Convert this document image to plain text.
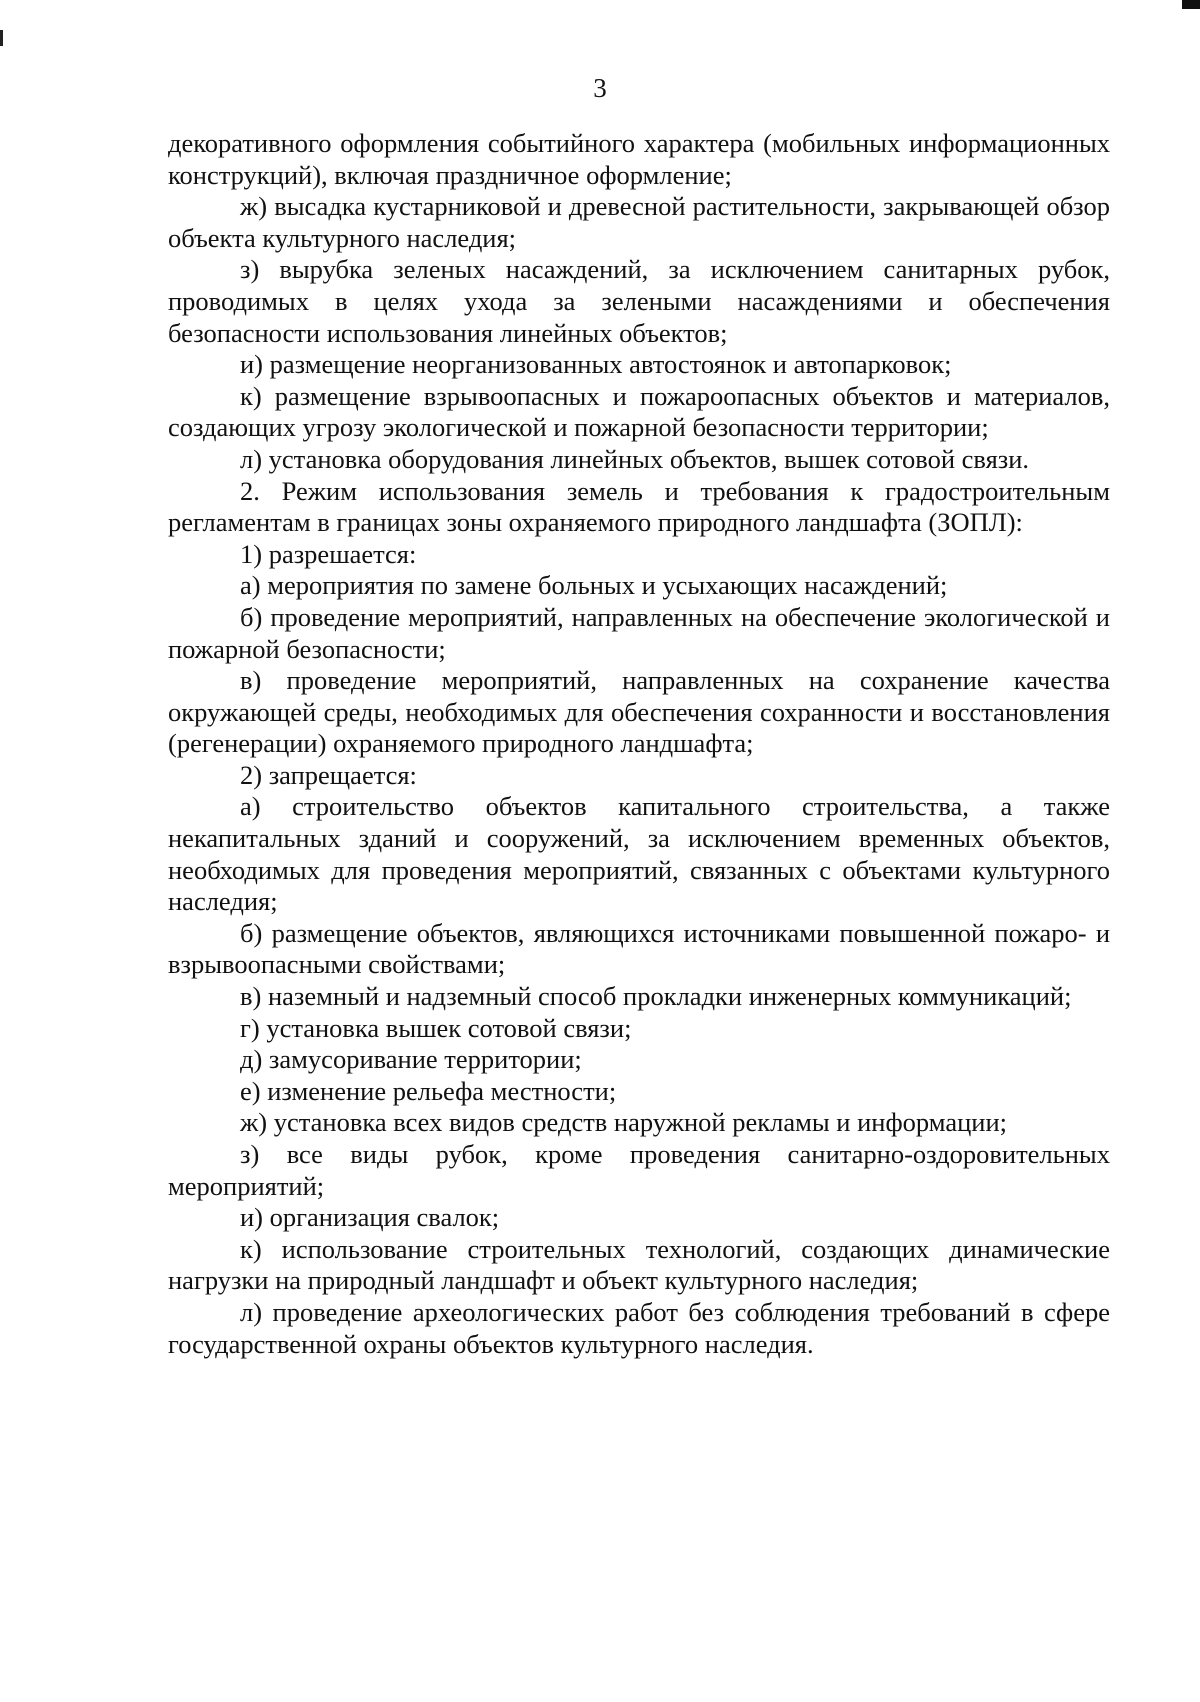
3

декоративного оформления событийного характера (мобильных информационных конструкций), включая праздничное оформление;

ж) высадка кустарниковой и древесной растительности, закрывающей обзор объекта культурного наследия;

з) вырубка зеленых насаждений, за исключением санитарных рубок, проводимых в целях ухода за зелеными насаждениями и обеспечения безопасности использования линейных объектов;

и) размещение неорганизованных автостоянок и автопарковок;

к) размещение взрывоопасных и пожароопасных объектов и материалов, создающих угрозу экологической и пожарной безопасности территории;

л) установка оборудования линейных объектов, вышек сотовой связи.

2. Режим использования земель и требования к градостроительным регламентам в границах зоны охраняемого природного ландшафта (ЗОПЛ):

1) разрешается:

а) мероприятия по замене больных и усыхающих насаждений;

б) проведение мероприятий, направленных на обеспечение экологической и пожарной безопасности;

в) проведение мероприятий, направленных на сохранение качества окружающей среды, необходимых для обеспечения сохранности и восстановления (регенерации) охраняемого природного ландшафта;

2) запрещается:

а) строительство объектов капитального строительства, а также некапитальных зданий и сооружений, за исключением временных объектов, необходимых для проведения мероприятий, связанных с объектами культурного наследия;

б) размещение объектов, являющихся источниками повышенной пожаро- и взрывоопасными свойствами;

в) наземный и надземный способ прокладки инженерных коммуникаций;

г) установка вышек сотовой связи;

д) замусоривание территории;

е) изменение рельефа местности;

ж) установка всех видов средств наружной рекламы и информации;

з) все виды рубок, кроме проведения санитарно-оздоровительных мероприятий;

и) организация свалок;

к) использование строительных технологий, создающих динамические нагрузки на природный ландшафт и объект культурного наследия;

л) проведение археологических работ без соблюдения требований в сфере государственной охраны объектов культурного наследия.
